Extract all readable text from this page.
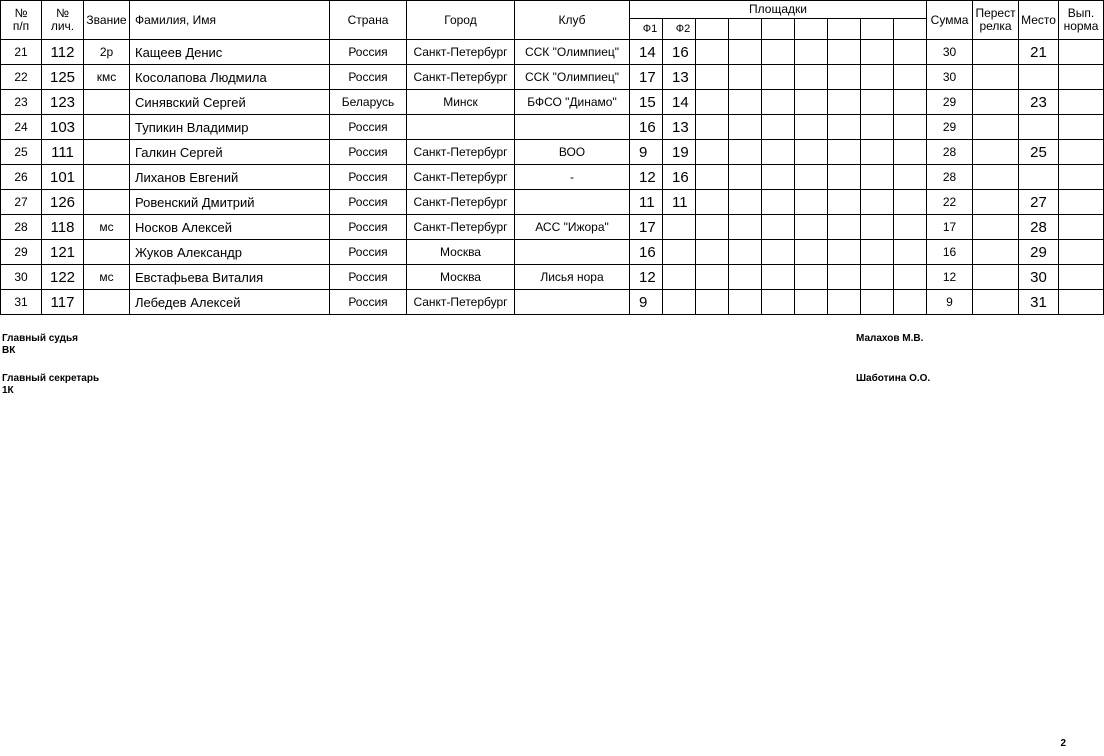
№
п/п	№
лич.	Звание	Фамилия, Имя	Страна	Город	Клуб	Площадки									Сумма	Перест
релка	Место	Вып.
норма
							Ф1	Ф2											
21	112	2р	Кащеев Денис	Россия	Санкт-Петербург	ССК "Олимпиец"	14	16								30		21	
22	125	кмс	Косолапова Людмила	Россия	Санкт-Петербург	ССК "Олимпиец"	17	13								30			
23	123		Синявский Сергей	Беларусь	Минск	БФСО "Динамо"	15	14								29		23	
24	103		Тупикин Владимир	Россия			16	13								29			
25	111		Галкин Сергей	Россия	Санкт-Петербург	ВОО	9	19								28		25	
26	101		Лиханов Евгений	Россия	Санкт-Петербург	-	12	16								28			
27	126		Ровенский Дмитрий	Россия	Санкт-Петербург		11	11								22		27	
28	118	мс	Носков Алексей	Россия	Санкт-Петербург	АСС "Ижора"	17									17		28	
29	121		Жуков Александр	Россия	Москва		16									16		29	
30	122	мс	Евстафьева Виталия	Россия	Москва	Лисья нора	12									12		30	
31	117		Лебедев Алексей	Россия	Санкт-Петербург		9									9		31	
Главный судья
ВК
Малахов М.В.
Главный секретарь
1К
Шаботина О.О.
2
